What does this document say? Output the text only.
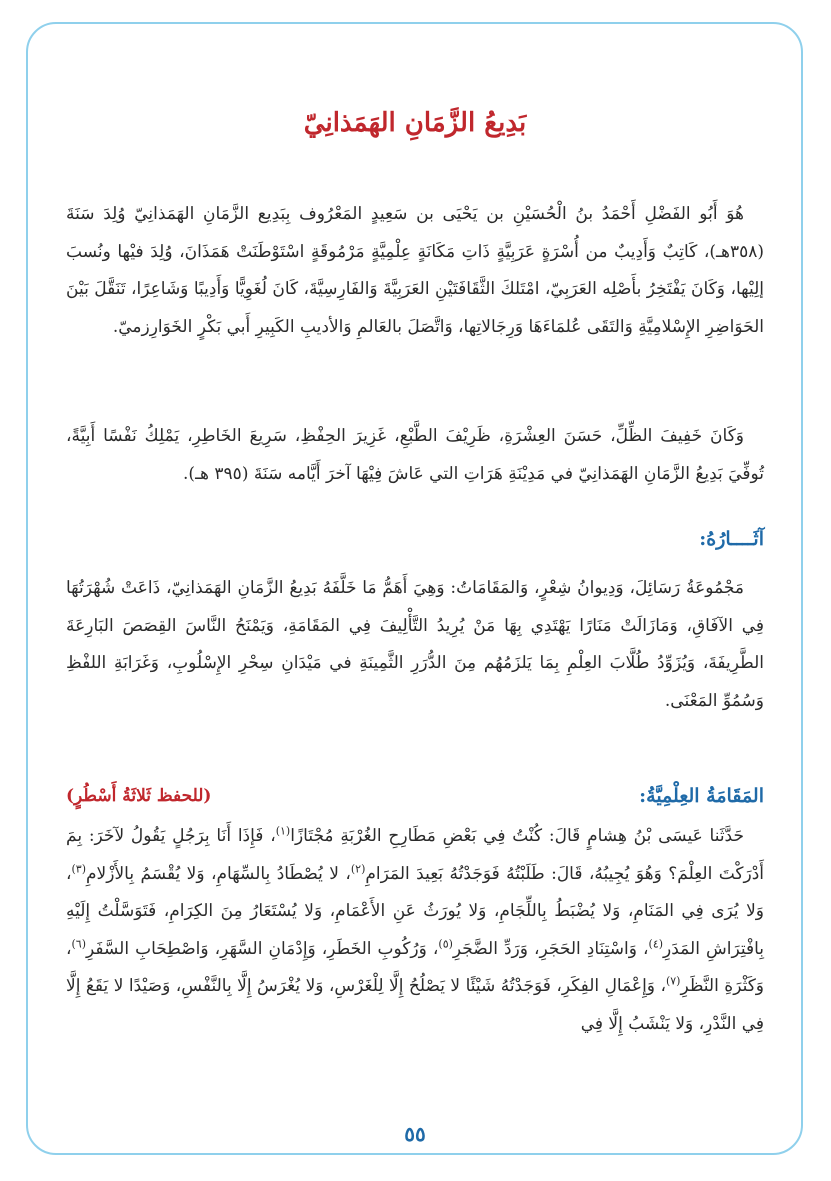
بَدِيعُ الزَّمَانِ الهَمَذانِيّ

هُوَ أَبُو الفَضْلِ أَحْمَدُ بنُ الْحُسَيْنِ بن يَحْيَى بن سَعِيدٍ المَعْرُوف بِبَدِيع الزَّمَانِ الهَمَذانِيّ وُلِدَ سَنَةَ (٣٥٨هـ)، كَاتِبٌ وَأَدِيبٌ من أُسْرَةٍ عَرَبِيَّةٍ ذَاتِ مَكَانَةٍ عِلْمِيَّةٍ مَرْمُوقَةٍ اسْتَوْطَنَتْ هَمَذَانَ، وُلِدَ فيْها ونُسبَ إلِيْها، وَكَانَ يَفْتَخِرُ بأَصْلِه العَرَبِيّ، امْتَلكَ الثَّقَافَتَيْنِ العَرَبِيَّةَ وَالفَارِسِيَّةَ، كَانَ لُغَوِيًّا وَأَدِيبًا وَشَاعِرًا، تَنَقَّلَ بَيْنَ الحَوَاضِرِ الإِسْلامِيَّةِ وَالتَقَى عُلمَاءَهَا وَرِجَالاتِها، وَاتَّصَلَ بالعَالمِ وَالأديبِ الكَبِيرِ أَبي بَكْرٍ الخَوَارِزميّ.

وَكَانَ خَفِيفَ الظِّلِّ، حَسَنَ العِشْرَةِ، ظَرِيْفَ الطَّبْعِ، غَزِيرَ الحِفْظِ، سَرِيعَ الخَاطِرِ، يَمْلِكُ نَفْسًا أَبِيَّةً، تُوفِّيَ بَدِيعُ الزَّمَانِ الهَمَذانِيّ في مَدِيْنَةِ هَرَاتِ التي عَاشَ فِيْهَا آخرَ أَيَّامه سَنَةَ (٣٩٥ هـ).

آثَــــارُهُ:

مَجْمُوعَةُ رَسَائِلَ، وَدِيوانُ شِعْرٍ، وَالمَقَامَاتُ: وَهِيَ أَهَمُّ مَا خَلَّفَهُ بَدِيعُ الزَّمَانِ الهَمَذانِيّ، ذَاعَتْ شُهْرَتُهَا فِي الآفَاقِ، وَمَازَالَتْ مَنَارًا يَهْتَدِي بِهَا مَنْ يُرِيدُ التَّأْلِيفَ فِي المَقَامَةِ، وَيَمْنَحُ النَّاسَ القِصَصَ البَارِعَةَ الطَّرِيفَةَ، وَيُزَوِّدُ طُلَّابَ العِلْمِ بِمَا يَلزَمُهُم مِنَ الدُّرَرِ الثَّمِينَةِ في مَيْدَانِ سِحْرِ الإِسْلُوبِ، وَغَرَابَةِ اللفْظِ وَسُمُوِّ المَعْنَى.

المَقَامَةُ العِلْمِيَّةُ:
(للحفظ ثَلاثَةُ أَسْطُرٍ)

حَدَّثَنا عَيسَى بْنُ هِشامٍ قَالَ: كُنْتُ فِي بَعْضِ مَطَارِحِ الغُرْبَةِ مُجْتَازًا$^{(١)}$، فَإِذَا أَنَا بِرَجُلٍ يَقُولُ لآخَرَ: بِمَ أَدْرَكْتَ العِلْمَ؟ وَهُوَ يُجِيبُهُ، قَالَ: طَلَبْتُهُ فَوَجَدْتُهُ بَعِيدَ المَرَامِ$^{(٢)}$، لا يُصْطَادُ بِالسِّهَامِ، وَلا يُقْسَمُ بِالأَزْلامِ$^{(٣)}$، وَلا يُرَى فِي المَنَامِ، وَلا يُضْبَطُ بِاللِّجَامِ، وَلا يُورَثُ عَنِ الأَعْمَامِ، وَلا يُسْتَعَارُ مِنَ الكِرَامِ، فَتَوَسَّلْتُ إِلَيْهِ بِافْتِرَاشِ المَدَرِ$^{(٤)}$، وَاسْتِنَادِ الحَجَرِ، وَرَدِّ الضَّجَرِ$^{(٥)}$، وَرُكُوبِ الخَطَرِ، وَإِدْمَانِ السَّهَرِ، وَاصْطِحَابِ السَّفَرِ$^{(٦)}$، وَكَثْرَةِ النَّظَرِ$^{(٧)}$، وَإِعْمَالِ الفِكَرِ، فَوَجَدْتُهُ شَيْئًا لا يَصْلُحُ إِلَّا لِلْغَرْسِ، وَلا يُغْرَسُ إِلَّا بِالنَّفْسِ، وَصَيْدًا لا يَقَعُ إِلَّا فِي النَّدْرِ، وَلا يَنْشَبُ إِلَّا فِي

٥٥
